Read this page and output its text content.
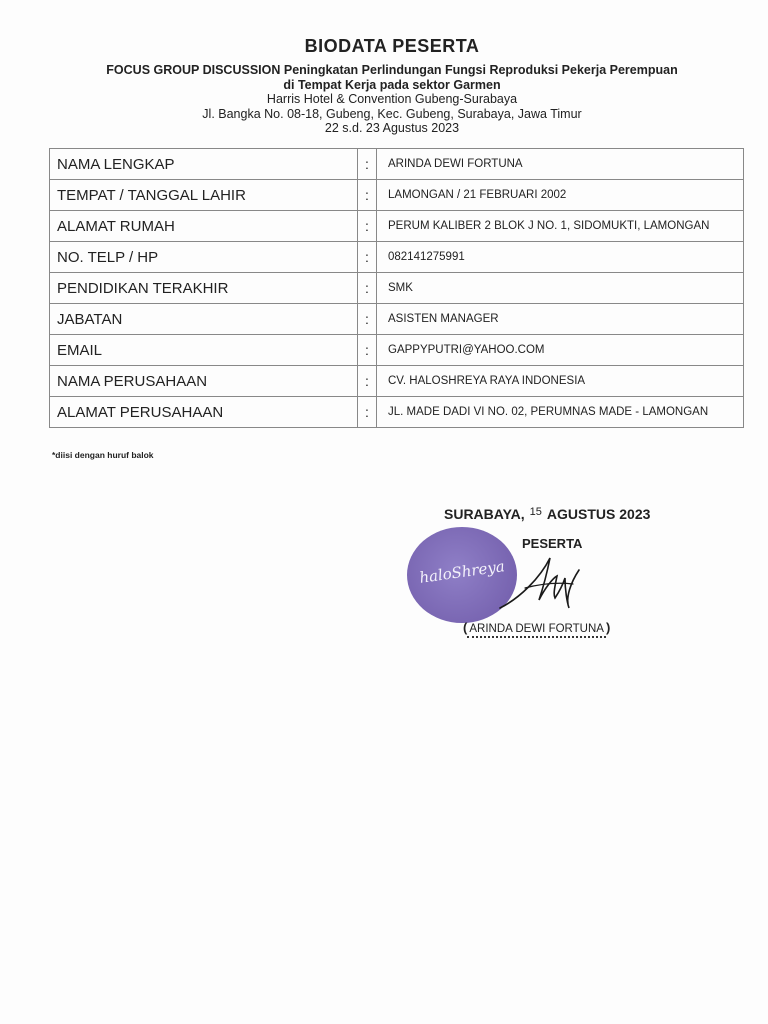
BIODATA PESERTA
FOCUS GROUP DISCUSSION Peningkatan Perlindungan Fungsi Reproduksi Pekerja Perempuan
di Tempat Kerja pada sektor Garmen
Harris Hotel & Convention Gubeng-Surabaya
Jl. Bangka No. 08-18, Gubeng, Kec. Gubeng, Surabaya, Jawa Timur
22 s.d. 23 Agustus 2023
NAMA LENGKAP	:	ARINDA DEWI FORTUNA
TEMPAT / TANGGAL LAHIR	:	LAMONGAN / 21 FEBRUARI 2002
ALAMAT RUMAH	:	PERUM KALIBER 2 BLOK J NO. 1, SIDOMUKTI, LAMONGAN
NO. TELP / HP	:	082141275991
PENDIDIKAN TERAKHIR	:	SMK
JABATAN	:	ASISTEN MANAGER
EMAIL	:	GAPPYPUTRI@YAHOO.COM
NAMA PERUSAHAAN	:	CV. HALOSHREYA RAYA INDONESIA
ALAMAT PERUSAHAAN	:	JL. MADE DADI VI NO. 02, PERUMNAS MADE - LAMONGAN
*diisi dengan huruf balok
SURABAYA, $^{15}$ AGUSTUS 2023
haloShreya
PESERTA
( ARINDA DEWI FORTUNA )
